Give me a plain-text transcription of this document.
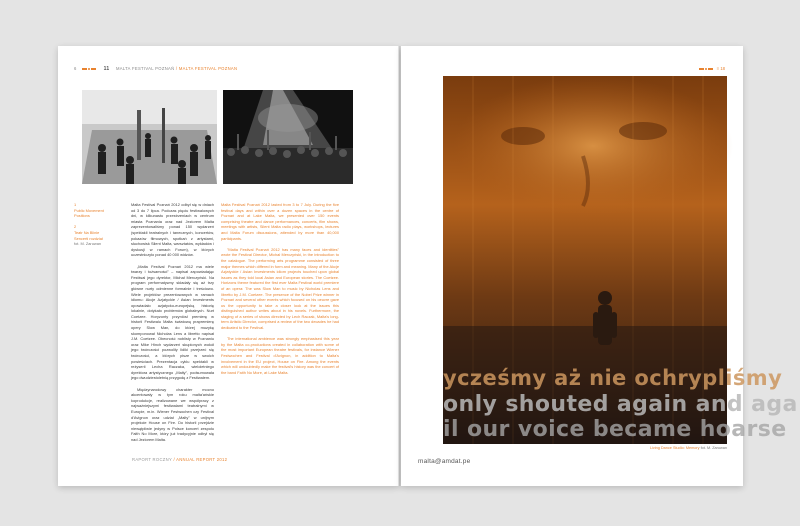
6	11 MALTA FESTIVAL POZNAŃ / MALTA FESTIVAL POZNAN

1
Public Movement
Positions

2
Teatr Na Blinie
Sencerti rozdział
fot. M. Zaruwan

Malta Festival Poznań 2012 odbył się w dniach od 3 do 7 lipca. Podczas pięciu festiwalowych dni, w kilkunastu przestrzeniach w centrum miasta Poznania oraz nad Jeziorem Malta zaprezentowaliśmy ponad 150 wydarzeń (spektakli teatralnych i tanecznych, koncertów, pokazów filmowych, spotkań z artystami, słuchowisk Silent Malta, warsztatów, wykładów i dyskusji w ramach Forum), w których uczestniczyło ponad 40 000 widzów.

„Malta Festival Poznań 2012 ma wiele twarzy i tożsamości" – napisał zapowiadając Festiwal jego dyrektor, Michał Merczyński. Na program performatywny składały się aż trzy główne nurty odmienne formalnie i treściowo. Wiele projektów prezentowanych w ramach idiomu: Akcje Azjatyckie / Asian Investments opowiadało azjatycko-europejską historię lokalnie, dotykało problemów globalnych. Nurt Coetzee. Horyzonty przyniósł premierę w historii Festiwalu Malta światową prapremierę opery Slow Man, do której muzykę skomponował Nicholas Lens a libretto napisał J.M. Coetzee. Obecność noblisty w Poznaniu oraz Mike Hinch wydarzeń skupionych wokół jego twórczości pozwoliły lidiki przejrzeć się twórczości, a których pisze w swoich powieściach. Prezentacja cyklu spektakli w reżyserii Lecha Raczaka, wieloletniego dyrektora artystycznego „Malty", podsumowała jego dwudziestoletnią przygodę z Festiwalem.

Międzynarodowy charakter mocno akcentowały w tym roku malta'ańskie koprodukcje, realizowane we współpracy z najważniejszymi festiwalami teatralnymi w Europie, m.in. Wiener Festwochen czy Festival d'Avignon oraz udział „Malty" w unijnym projekcie House on Fire. Do historii przejdzie niewątpliwie jedyny w Polsce koncert zespołu Faith No More, który już tradycyjnie odbył się nad Jeziorem Malta.

Malta Festival Poznań 2012 lasted from 3 to 7 July. During the five festival days and within over a dozen spaces in the centre of Poznań and at Lake Malta, we presented over 150 events comprising theatre and dance performances, concerts, film shows, meetings with artists, Silent Malta radio plays, workshops, lectures and Malta Forum discussions, attended by more than 40,000 participants.

"Malta Festival Poznań 2012 has many faces and identities" wrote the Festival Director, Michał Merczyński, in the introduction to the catalogue. The performing arts programme consisted of three major themes which differed in form and meaning. Many of the Akcje Azjatyckie / Asian Investments idiom projects touched upon global issues as they told local Asian and European stories. The Coetzee. Horizons theme featured the first ever Malta Festival world premiere of an opera: The was Slow Man to music by Nicholas Lens and libretto by J.M. Coetzee. The presence of the Nobel Prize winner in Poznań and several other events which focused on his oeuvre gave us the opportunity to take a closer look at the issues this distinguished author writes about in his novels. Furthermore, the staging of a series of shows directed by Lech Raczak, Malta's long-term Artistic Director, comprised a review of the two decades he had dedicated to the Festival.

The international ambience was strongly emphasised this year by the Malta co-productions created in collaboration with some of the most important European theatre festivals, for instance Wiener Festwochen and Festival d'Avignon, in addition to Malta's involvement in the EU project, House on Fire. Among the events which will undoubtedly make the festival's history was the concert of the band Faith No More, at Lake Malta.

RAPORT ROCZNY / ANNUAL REPORT 2012
≡ 18
ycześmy aż nie ochrypliśmy
only shouted again and aga
il our voice became hoarse
Living Dance Studio: Memory fot. M. Zaruwan
malta@amdat.pe
